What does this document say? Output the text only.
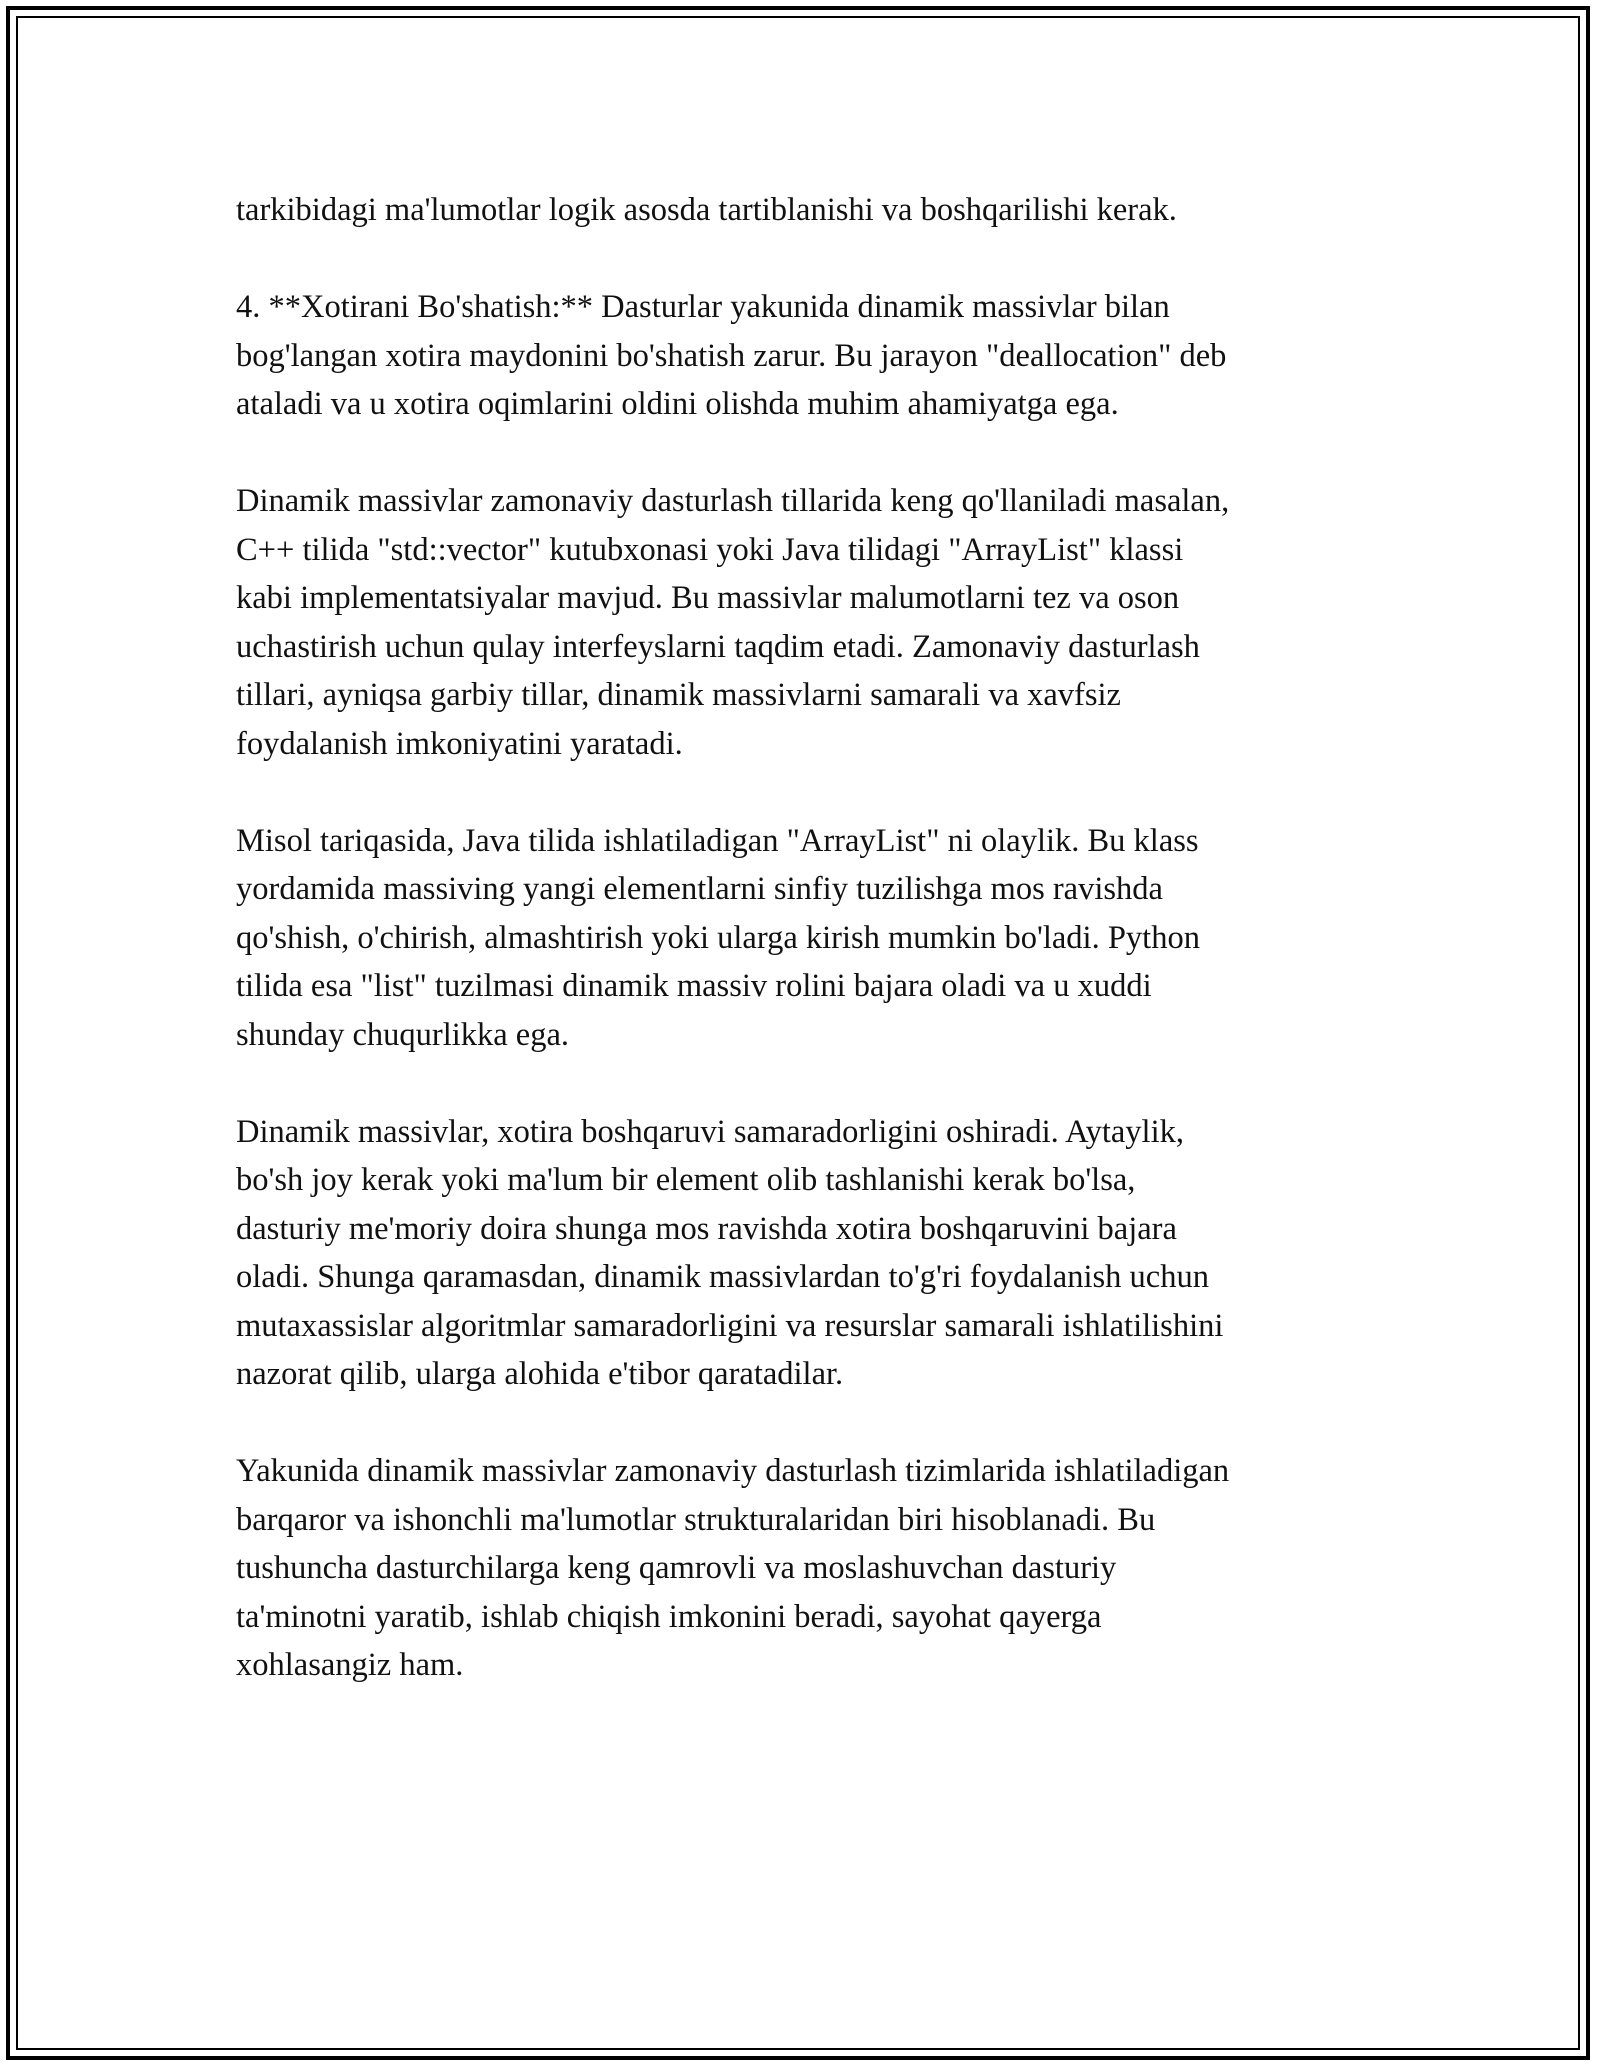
tarkibidagi ma'lumotlar logik asosda tartiblanishi va boshqarilishi kerak.

4. **Xotirani Bo'shatish:** Dasturlar yakunida dinamik massivlar bilan
bog'langan xotira maydonini bo'shatish zarur. Bu jarayon "deallocation" deb
ataladi va u xotira oqimlarini oldini olishda muhim ahamiyatga ega.

Dinamik massivlar zamonaviy dasturlash tillarida keng qo'llaniladi masalan,
C++ tilida "std::vector" kutubxonasi yoki Java tilidagi "ArrayList" klassi
kabi implementatsiyalar mavjud. Bu massivlar malumotlarni tez va oson
uchastirish uchun qulay interfeyslarni taqdim etadi. Zamonaviy dasturlash
tillari, ayniqsa garbiy tillar, dinamik massivlarni samarali va xavfsiz
foydalanish imkoniyatini yaratadi.

Misol tariqasida, Java tilida ishlatiladigan "ArrayList" ni olaylik. Bu klass
yordamida massiving yangi elementlarni sinfiy tuzilishga mos ravishda
qo'shish, o'chirish, almashtirish yoki ularga kirish mumkin bo'ladi. Python
tilida esa "list" tuzilmasi dinamik massiv rolini bajara oladi va u xuddi
shunday chuqurlikka ega.

Dinamik massivlar, xotira boshqaruvi samaradorligini oshiradi. Aytaylik,
bo'sh joy kerak yoki ma'lum bir element olib tashlanishi kerak bo'lsa,
dasturiy me'moriy doira shunga mos ravishda xotira boshqaruvini bajara
oladi. Shunga qaramasdan, dinamik massivlardan to'g'ri foydalanish uchun
mutaxassislar algoritmlar samaradorligini va resurslar samarali ishlatilishini
nazorat qilib, ularga alohida e'tibor qaratadilar.

Yakunida dinamik massivlar zamonaviy dasturlash tizimlarida ishlatiladigan
barqaror va ishonchli ma'lumotlar strukturalaridan biri hisoblanadi. Bu
tushuncha dasturchilarga keng qamrovli va moslashuvchan dasturiy
ta'minotni yaratib, ishlab chiqish imkonini beradi, sayohat qayerga
xohlasangiz ham.
